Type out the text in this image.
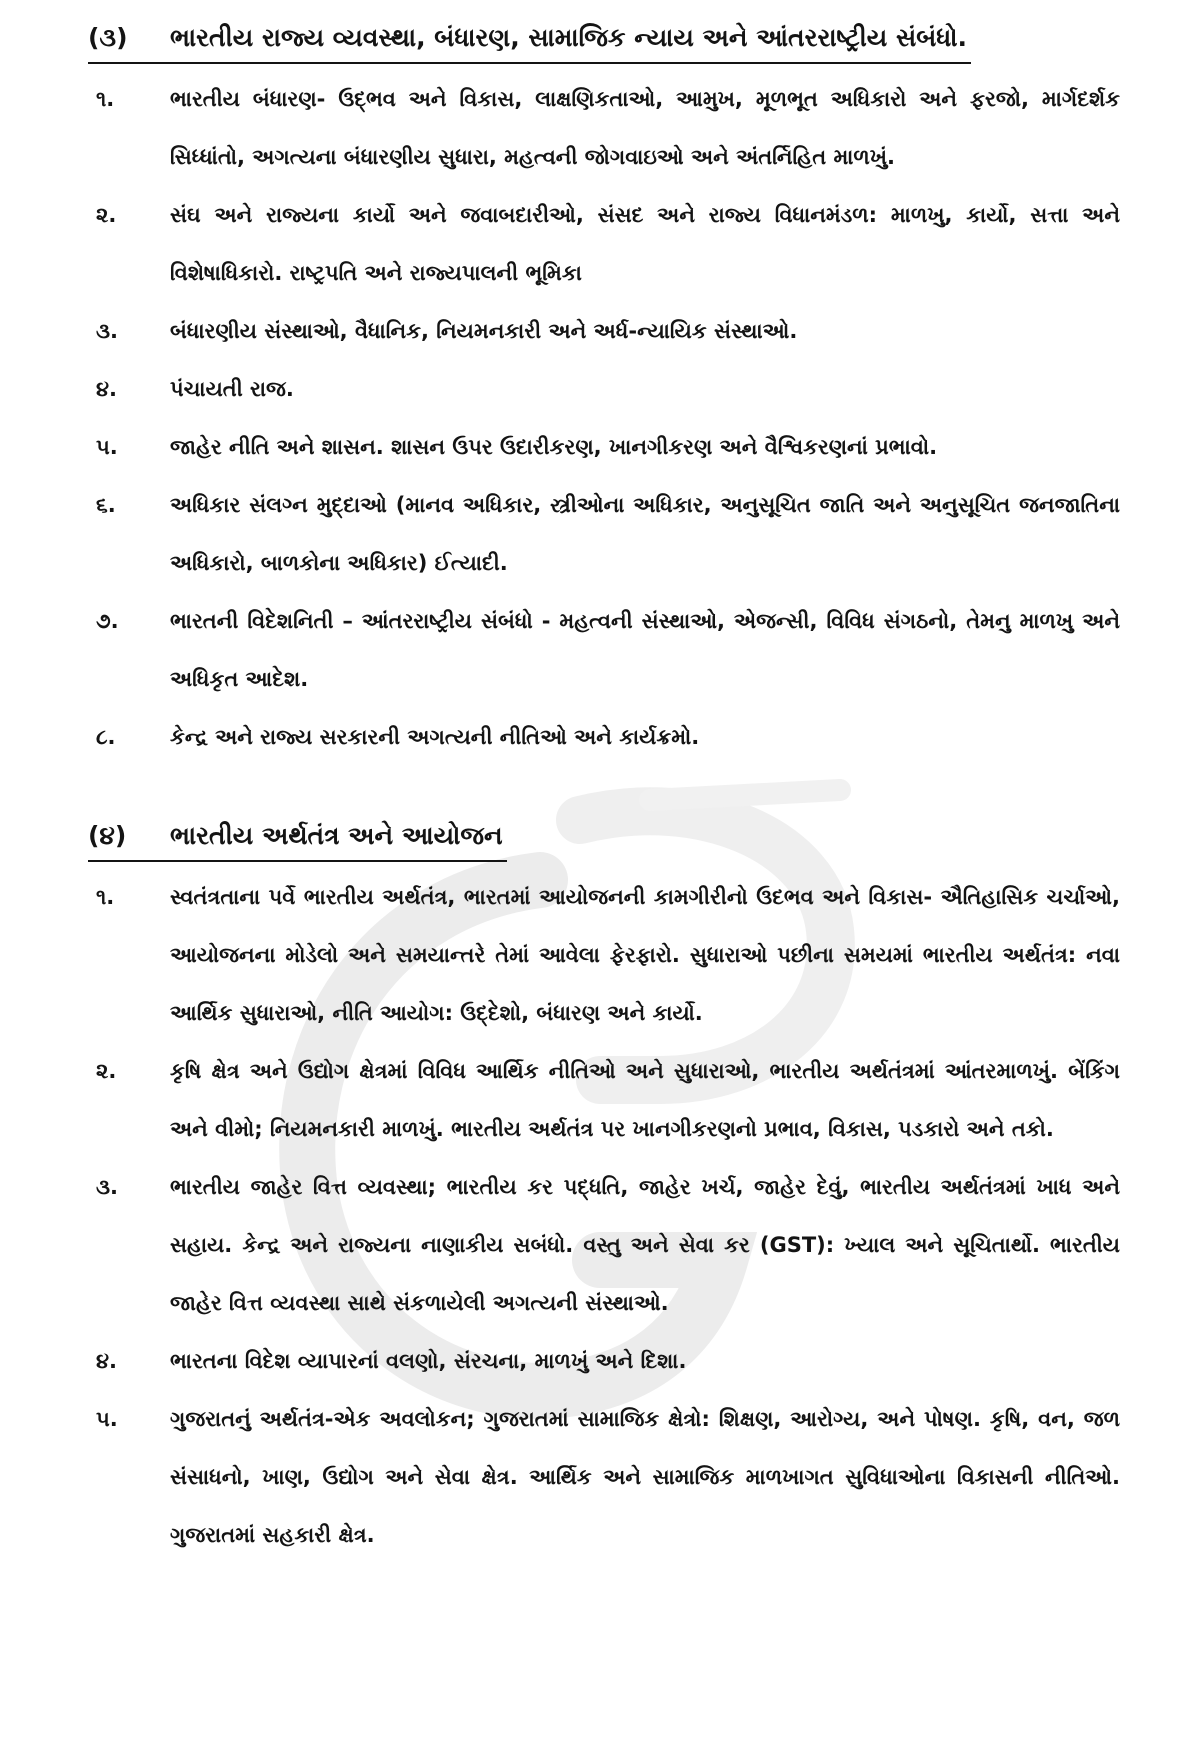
(૩)	ભારતીય રાજ્ય વ્યવસ્થા, બંધારણ, સામાજિક ન્યાય અને આંતરરાષ્ટ્રીય સંબંધો.
૧.	ભારતીય બંધારણ- ઉદ્‌ભવ અને વિકાસ, લાક્ષણિકતાઓ, આમુખ, મૂળભૂત અધિકારો અને ફરજો, માર્ગદર્શક સિધ્ધાંતો, અગત્યના બંધારણીય સુધારા, મહત્વની જોગવાઇઓ અને અંતર્નિહિત માળખું.
૨.	સંઘ અને રાજ્યના કાર્યો અને જવાબદારીઓ, સંસદ અને રાજ્ય વિધાનમંડળ: માળખુ, કાર્યો, સત્તા અને વિશેષાધિકારો. રાષ્ટ્રપતિ અને રાજ્યપાલની ભૂમિકા
૩.	બંધારણીય સંસ્થાઓ, વૈધાનિક, નિયમનકારી અને અર્ધ-ન્યાયિક સંસ્થાઓ.
૪.	પંચાયતી રાજ.
૫.	જાહેર નીતિ અને શાસન. શાસન ઉપર ઉદારીકરણ, ખાનગીકરણ અને વૈશ્વિકરણનાં પ્રભાવો.
૬.	અધિકાર સંલગ્ન મુદ્દાઓ (માનવ અધિકાર, સ્ત્રીઓના અધિકાર, અનુસૂચિત જાતિ અને અનુસૂચિત જનજાતિના અધિકારો, બાળકોના અધિકાર) ઈત્યાદી.
૭.	ભારતની વિદેશનિતી – આંતરરાષ્ટ્રીય સંબંધો - મહત્વની સંસ્થાઓ, એજન્સી, વિવિધ સંગઠનો, તેમનુ માળખુ અને અધિકૃત આદેશ.
૮.	કેન્દ્ર અને રાજ્ય સરકારની અગત્યની નીતિઓ અને કાર્યક્રમો.
(૪)	ભારતીય અર્થતંત્ર અને આયોજન
૧.	સ્વતંત્રતાના પર્વે ભારતીય અર્થતંત્ર, ભારતમાં આયોજનની કામગીરીનો ઉદભવ અને વિકાસ- ઐતિહાસિક ચર્ચાઓ, આયોજનના મોડેલો અને સમયાન્તરે તેમાં આવેલા ફેરફારો. સુધારાઓ પછીના સમયમાં ભારતીય અર્થતંત્ર: નવા આર્થિક સુધારાઓ, નીતિ આયોગ: ઉદ્દેશો, બંધારણ અને કાર્યો.
૨.	કૃષિ ક્ષેત્ર અને ઉદ્યોગ ક્ષેત્રમાં વિવિધ આર્થિક નીતિઓ અને સુધારાઓ, ભારતીય અર્થતંત્રમાં આંતરમાળખું. બેંકિંગ અને વીમો; નિયમનકારી માળખું. ભારતીય અર્થતંત્ર પર ખાનગીકરણનો પ્રભાવ, વિકાસ, પડકારો અને તકો.
૩.	ભારતીય જાહેર વિત્ત વ્યવસ્થા; ભારતીય કર પદ્ધતિ, જાહેર ખર્ચ, જાહેર દેવું, ભારતીય અર્થતંત્રમાં ખાધ અને સહાય. કેન્દ્ર અને રાજ્યના નાણાકીય સબંધો. વસ્તુ અને સેવા કર (GST): ખ્યાલ અને સૂચિતાર્થો. ભારતીય જાહેર વિત્ત વ્યવસ્થા સાથે સંકળાયેલી અગત્યની સંસ્થાઓ.
૪.	ભારતના વિદેશ વ્યાપારનાં વલણો, સંરચના, માળખું અને દિશા.
૫.	ગુજરાતનું અર્થતંત્ર-એક અવલોકન; ગુજરાતમાં સામાજિક ક્ષેત્રો: શિક્ષણ, આરોગ્ય, અને પોષણ. કૃષિ, વન, જળ સંસાધનો, ખાણ, ઉદ્યોગ અને સેવા ક્ષેત્ર. આર્થિક અને સામાજિક માળખાગત સુવિધાઓના વિકાસની નીતિઓ. ગુજરાતમાં સહકારી ક્ષેત્ર.
